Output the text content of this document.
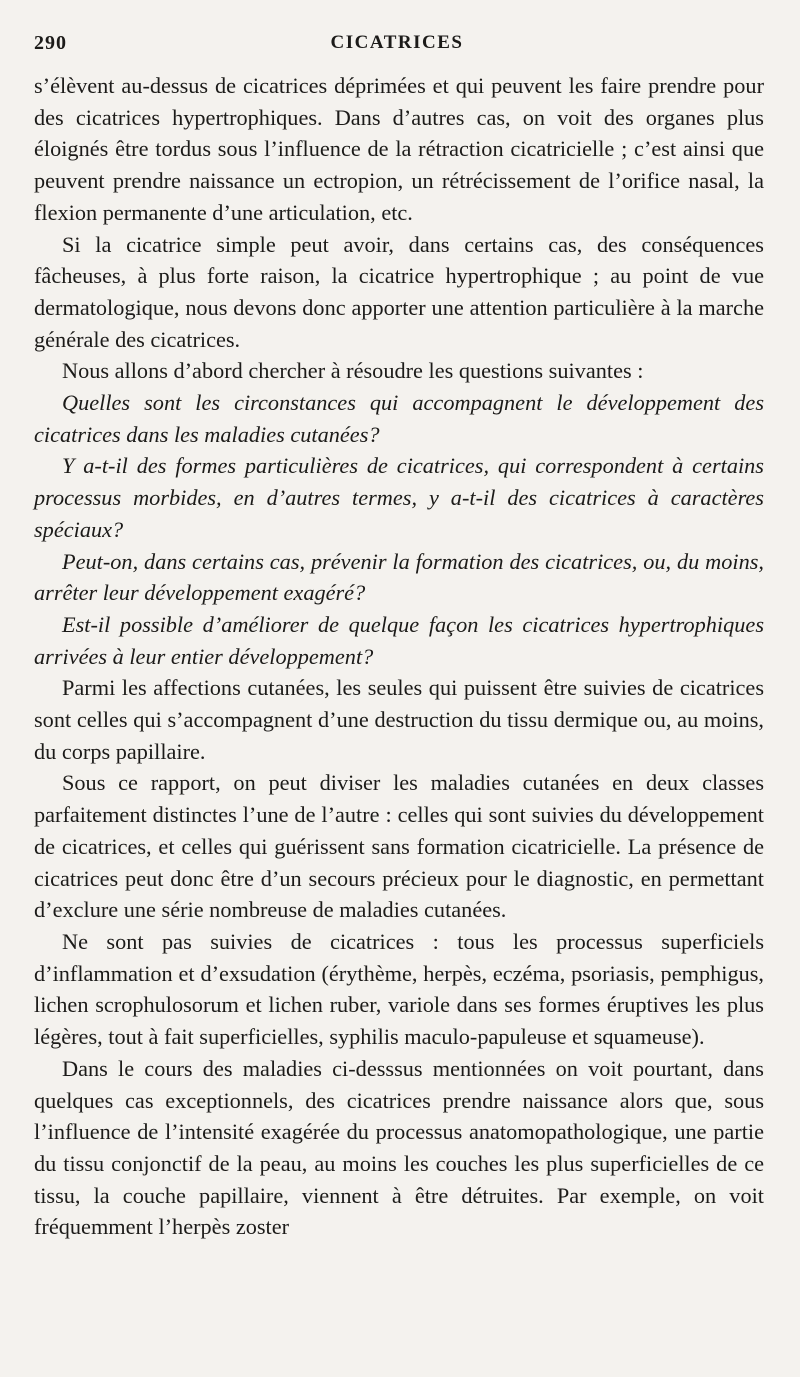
290	CICATRICES

s’élèvent au-dessus de cicatrices déprimées et qui peuvent les faire prendre pour des cicatrices hypertrophiques. Dans d’autres cas, on voit des organes plus éloignés être tordus sous l’influence de la rétraction cicatricielle ; c’est ainsi que peuvent prendre naissance un ectropion, un rétrécissement de l’orifice nasal, la flexion permanente d’une articulation, etc.

Si la cicatrice simple peut avoir, dans certains cas, des conséquences fâcheuses, à plus forte raison, la cicatrice hypertrophique ; au point de vue dermatologique, nous devons donc apporter une attention particulière à la marche générale des cicatrices.

Nous allons d’abord chercher à résoudre les questions suivantes :

Quelles sont les circonstances qui accompagnent le développement des cicatrices dans les maladies cutanées?

Y a-t-il des formes particulières de cicatrices, qui correspondent à certains processus morbides, en d’autres termes, y a-t-il des cicatrices à caractères spéciaux?

Peut-on, dans certains cas, prévenir la formation des cicatrices, ou, du moins, arrêter leur développement exagéré?

Est-il possible d’améliorer de quelque façon les cicatrices hypertrophiques arrivées à leur entier développement?

Parmi les affections cutanées, les seules qui puissent être suivies de cicatrices sont celles qui s’accompagnent d’une destruction du tissu dermique ou, au moins, du corps papillaire.

Sous ce rapport, on peut diviser les maladies cutanées en deux classes parfaitement distinctes l’une de l’autre : celles qui sont suivies du développement de cicatrices, et celles qui guérissent sans formation cicatricielle. La présence de cicatrices peut donc être d’un secours précieux pour le diagnostic, en permettant d’exclure une série nombreuse de maladies cutanées.

Ne sont pas suivies de cicatrices : tous les processus superficiels d’inflammation et d’exsudation (érythème, herpès, eczéma, psoriasis, pemphigus, lichen scrophulosorum et lichen ruber, variole dans ses formes éruptives les plus légères, tout à fait superficielles, syphilis maculo-papuleuse et squameuse).

Dans le cours des maladies ci-desssus mentionnées on voit pourtant, dans quelques cas exceptionnels, des cicatrices prendre naissance alors que, sous l’influence de l’intensité exagérée du processus anatomopathologique, une partie du tissu conjonctif de la peau, au moins les couches les plus superficielles de ce tissu, la couche papillaire, viennent à être détruites. Par exemple, on voit fréquemment l’herpès zoster
